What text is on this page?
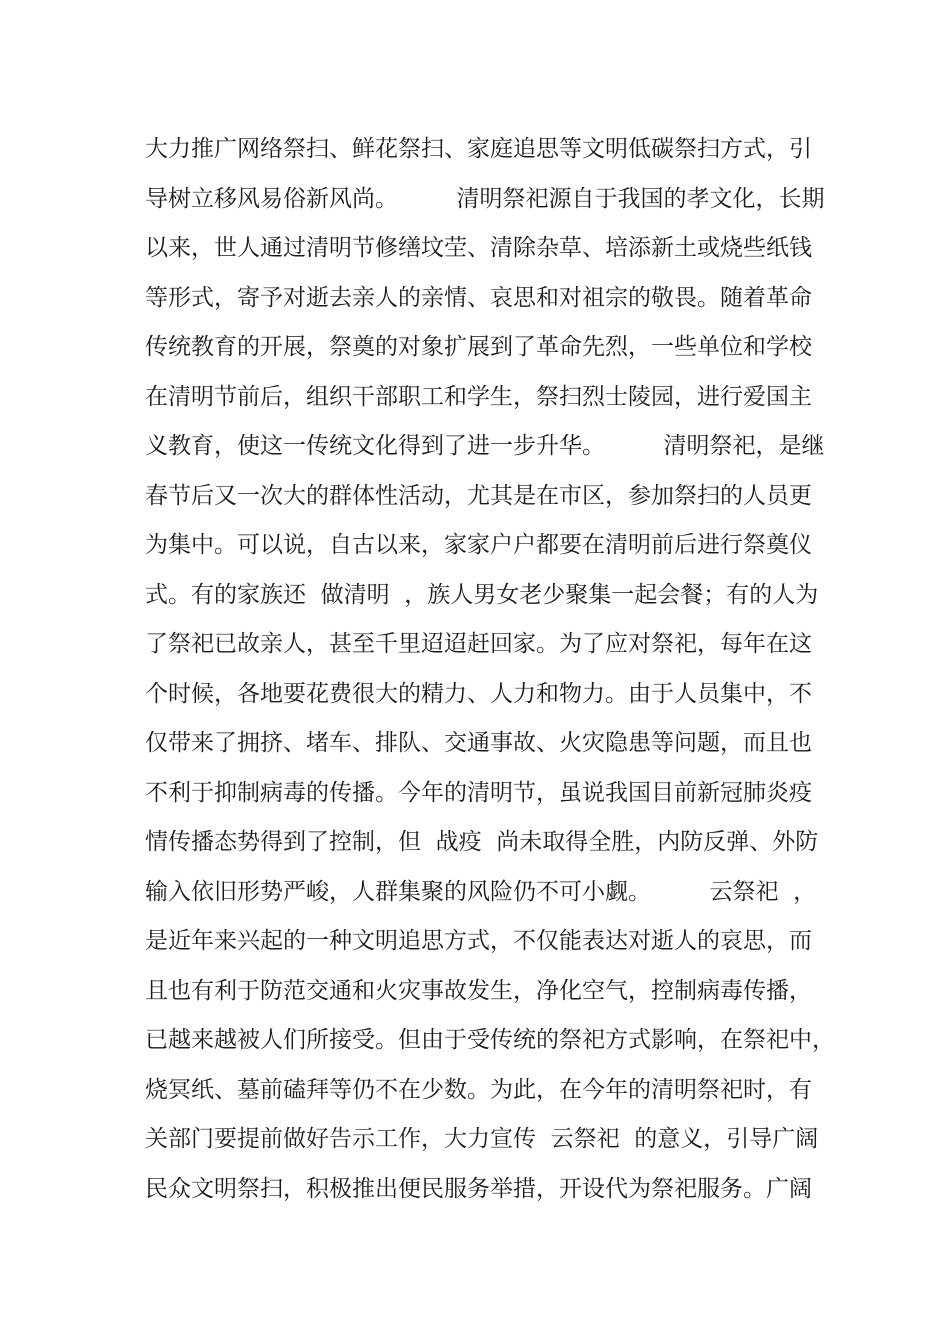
大力推广网络祭扫、鲜花祭扫、家庭追思等文明低碳祭扫方式，引
导树立移风易俗新风尚。        清明祭祀源自于我国的孝文化，长期
以来，世人通过清明节修缮坟茔、清除杂草、培添新土或烧些纸钱
等形式，寄予对逝去亲人的亲情、哀思和对祖宗的敬畏。随着革命
传统教育的开展，祭奠的对象扩展到了革命先烈，一些单位和学校
在清明节前后，组织干部职工和学生，祭扫烈士陵园，进行爱国主
义教育，使这一传统文化得到了进一步升华。        清明祭祀，是继
春节后又一次大的群体性活动，尤其是在市区，参加祭扫的人员更
为集中。可以说，自古以来，家家户户都要在清明前后进行祭奠仪
式。有的家族还  做清明  ，族人男女老少聚集一起会餐；有的人为
了祭祀已故亲人，甚至千里迢迢赶回家。为了应对祭祀，每年在这
个时候，各地要花费很大的精力、人力和物力。由于人员集中，不
仅带来了拥挤、堵车、排队、交通事故、火灾隐患等问题，而且也
不利于抑制病毒的传播。今年的清明节，虽说我国目前新冠肺炎疫
情传播态势得到了控制，但  战疫  尚未取得全胜，内防反弹、外防
输入依旧形势严峻，人群集聚的风险仍不可小觑。        云祭祀  ，
是近年来兴起的一种文明追思方式，不仅能表达对逝人的哀思，而
且也有利于防范交通和火灾事故发生，净化空气，控制病毒传播，
已越来越被人们所接受。但由于受传统的祭祀方式影响，在祭祀中，
烧冥纸、墓前磕拜等仍不在少数。为此，在今年的清明祭祀时，有
关部门要提前做好告示工作，大力宣传  云祭祀  的意义，引导广阔
民众文明祭扫，积极推出便民服务举措，开设代为祭祀服务。广阔
